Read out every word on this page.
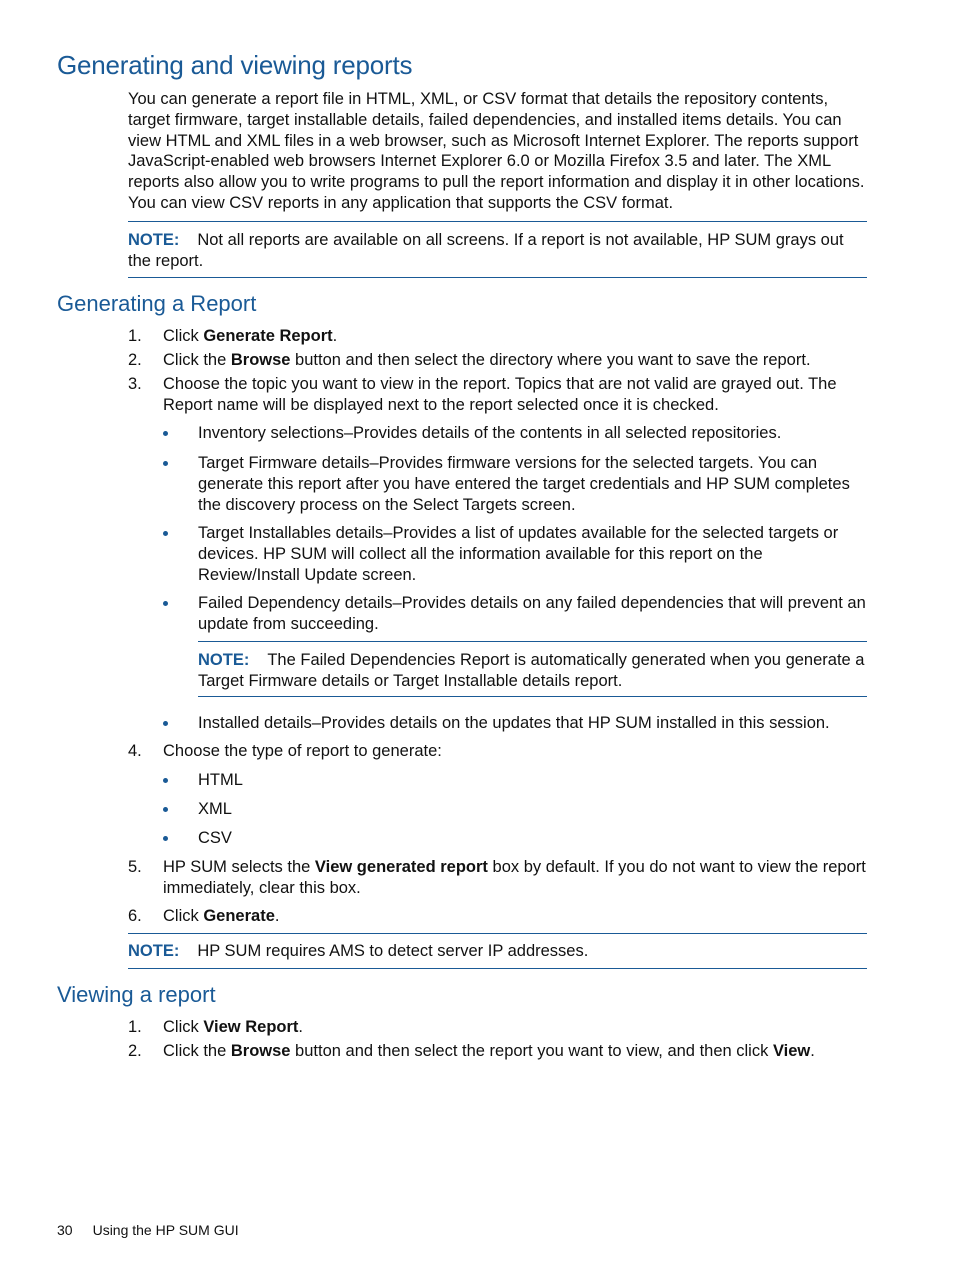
Generating and viewing reports

You can generate a report file in HTML, XML, or CSV format that details the repository contents, target firmware, target installable details, failed dependencies, and installed items details. You can view HTML and XML files in a web browser, such as Microsoft Internet Explorer. The reports support JavaScript-enabled web browsers Internet Explorer 6.0 or Mozilla Firefox 3.5 and later. The XML reports also allow you to write programs to pull the report information and display it in other locations. You can view CSV reports in any application that supports the CSV format.

NOTE: Not all reports are available on all screens. If a report is not available, HP SUM grays out the report.
Generating a Report
1.	Click Generate Report.
2.	Click the Browse button and then select the directory where you want to save the report.
3.	Choose the topic you want to view in the report. Topics that are not valid are grayed out. The Report name will be displayed next to the report selected once it is checked.
Inventory selections–Provides details of the contents in all selected repositories.
Target Firmware details–Provides firmware versions for the selected targets. You can generate this report after you have entered the target credentials and HP SUM completes the discovery process on the Select Targets screen.
Target Installables details–Provides a list of updates available for the selected targets or devices. HP SUM will collect all the information available for this report on the Review/Install Update screen.
Failed Dependency details–Provides details on any failed dependencies that will prevent an update from succeeding.
NOTE: The Failed Dependencies Report is automatically generated when you generate a Target Firmware details or Target Installable details report.
Installed details–Provides details on the updates that HP SUM installed in this session.
4.	Choose the type of report to generate:
HTML
XML
CSV
5.	HP SUM selects the View generated report box by default. If you do not want to view the report immediately, clear this box.
6.	Click Generate.
NOTE: HP SUM requires AMS to detect server IP addresses.
Viewing a report
1.	Click View Report.
2.	Click the Browse button and then select the report you want to view, and then click View.
30 Using the HP SUM GUI
